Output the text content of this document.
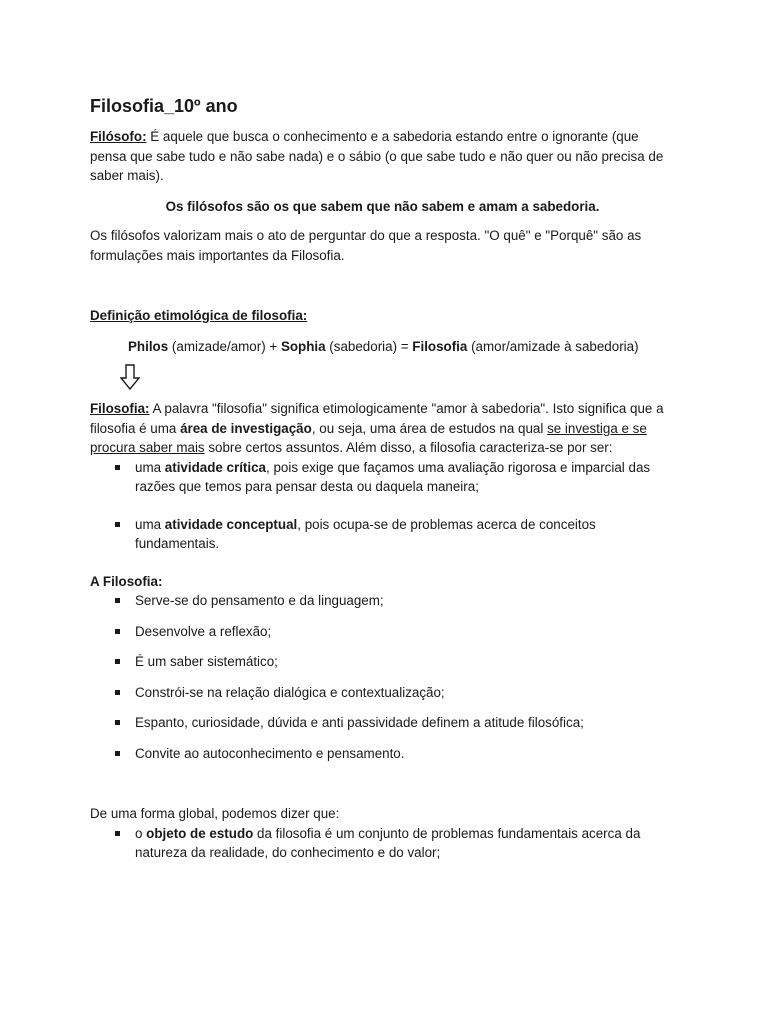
Filosofia_10º ano

Filósofo: É aquele que busca o conhecimento e a sabedoria estando entre o ignorante (que pensa que sabe tudo e não sabe nada) e o sábio (o que sabe tudo e não quer ou não precisa de saber mais).

Os filósofos são os que sabem que não sabem e amam a sabedoria.

Os filósofos valorizam mais o ato de perguntar do que a resposta. "O quê" e "Porquê" são as formulações mais importantes da Filosofia.

Definição etimológica de filosofia:

Philos (amizade/amor) + Sophia (sabedoria) = Filosofia (amor/amizade à sabedoria)

Filosofia: A palavra "filosofia" significa etimologicamente "amor à sabedoria". Isto significa que a filosofia é uma área de investigação, ou seja, uma área de estudos na qual se investiga e se procura saber mais sobre certos assuntos. Além disso, a filosofia caracteriza-se por ser:

uma atividade crítica, pois exige que façamos uma avaliação rigorosa e imparcial das razões que temos para pensar desta ou daquela maneira;
uma atividade conceptual, pois ocupa-se de problemas acerca de conceitos fundamentais.

A Filosofia:

Serve-se do pensamento e da linguagem;
Desenvolve a reflexão;
É um saber sistemático;
Constrói-se na relação dialógica e contextualização;
Espanto, curiosidade, dúvida e anti passividade definem a atitude filosófica;
Convite ao autoconhecimento e pensamento.

De uma forma global, podemos dizer que:

o objeto de estudo da filosofia é um conjunto de problemas fundamentais acerca da natureza da realidade, do conhecimento e do valor;
